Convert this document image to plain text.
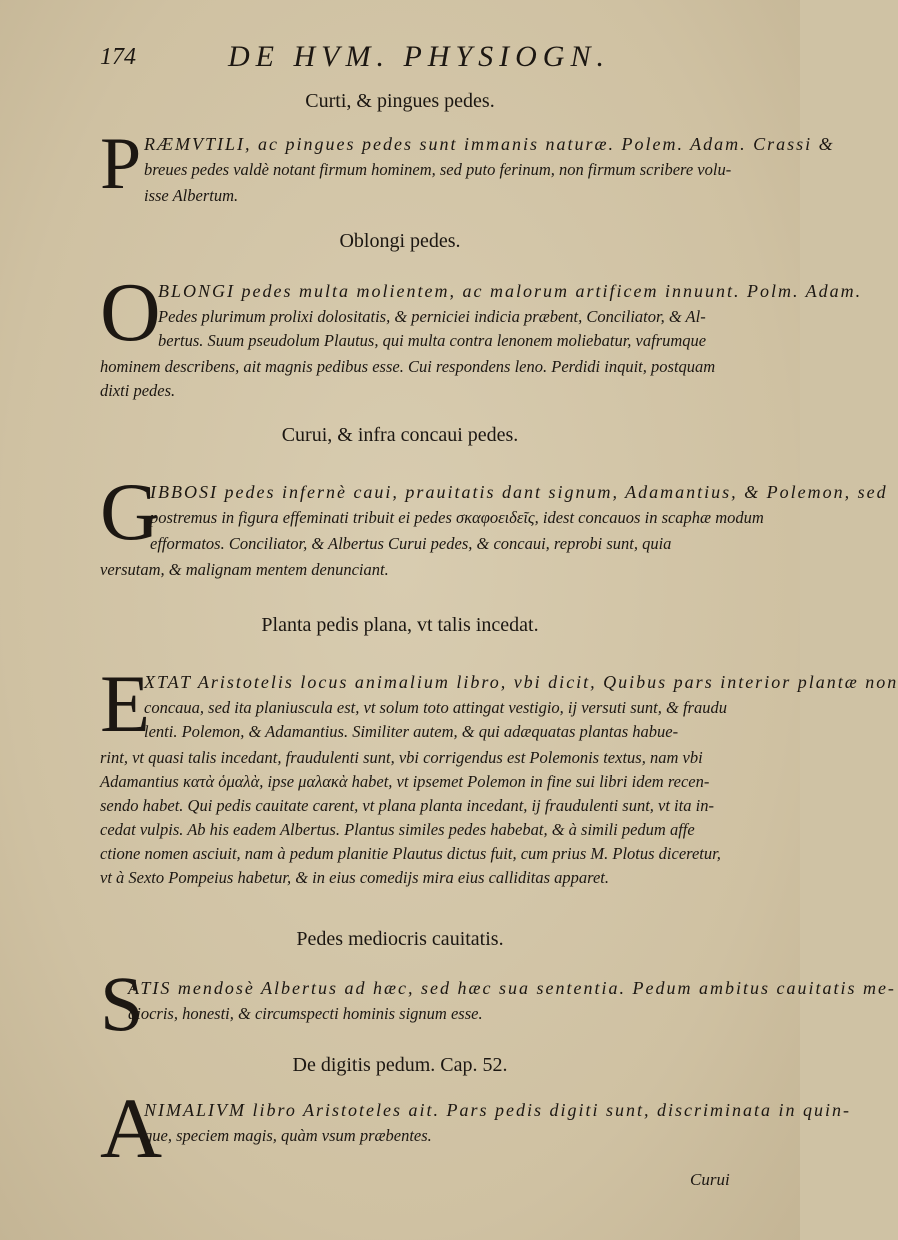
174	DE HVM. PHYSIOGN.
Curti, & pingues pedes.
P RÆMVTILI, ac pingues pedes sunt immanis naturæ. Polem. Adam. Crassi &
breues pedes valdè notant firmum hominem, sed puto ferinum, non firmum scribere volu-
isse Albertum.
Oblongi pedes.
O
BLONGI pedes multa molientem, ac malorum artificem innuunt. Polm. Adam.
Pedes plurimum prolixi dolositatis, & perniciei indicia præbent, Conciliator, & Al-
bertus. Suum pseudolum Plautus, qui multa contra lenonem moliebatur, vafrumque
hominem describens, ait magnis pedibus esse. Cui respondens leno. Perdidi inquit, postquam
dixti pedes.
Curui, & infra concaui pedes.
G
IBBOSI pedes infernè caui, prauitatis dant signum, Adamantius, & Polemon, sed
postremus in figura effeminati tribuit ei pedes σκαφοειδεῖς, idest concauos in scaphæ modum
efformatos. Conciliator, & Albertus Curui pedes, & concaui, reprobi sunt, quia
versutam, & malignam mentem denunciant.
Planta pedis plana, vt talis incedat.
E
XTAT Aristotelis locus animalium libro, vbi dicit, Quibus pars interior plantæ non
concaua, sed ita planiuscula est, vt solum toto attingat vestigio, ij versuti sunt, & fraudu
lenti. Polemon, & Adamantius. Similiter autem, & qui adæquatas plantas habue-
rint, vt quasi talis incedant, fraudulenti sunt, vbi corrigendus est Polemonis textus, nam vbi
Adamantius κατὰ ὁμαλὰ, ipse μαλακὰ habet, vt ipsemet Polemon in fine sui libri idem recen-
sendo habet. Qui pedis cauitate carent, vt plana planta incedant, ij fraudulenti sunt, vt ita in-
cedat vulpis. Ab his eadem Albertus. Plantus similes pedes habebat, & à simili pedum affe
ctione nomen asciuit, nam à pedum planitie Plautus dictus fuit, cum prius M. Plotus diceretur,
vt à Sexto Pompeius habetur, & in eius comedijs mira eius calliditas apparet.
Pedes mediocris cauitatis.
S
ATIS mendosè Albertus ad hæc, sed hæc sua sententia. Pedum ambitus cauitatis me-
diocris, honesti, & circumspecti hominis signum esse.
De digitis pedum. Cap. 52.
A
NIMALIVM libro Aristoteles ait. Pars pedis digiti sunt, discriminata in quin-
que, speciem magis, quàm vsum præbentes.
Curui
